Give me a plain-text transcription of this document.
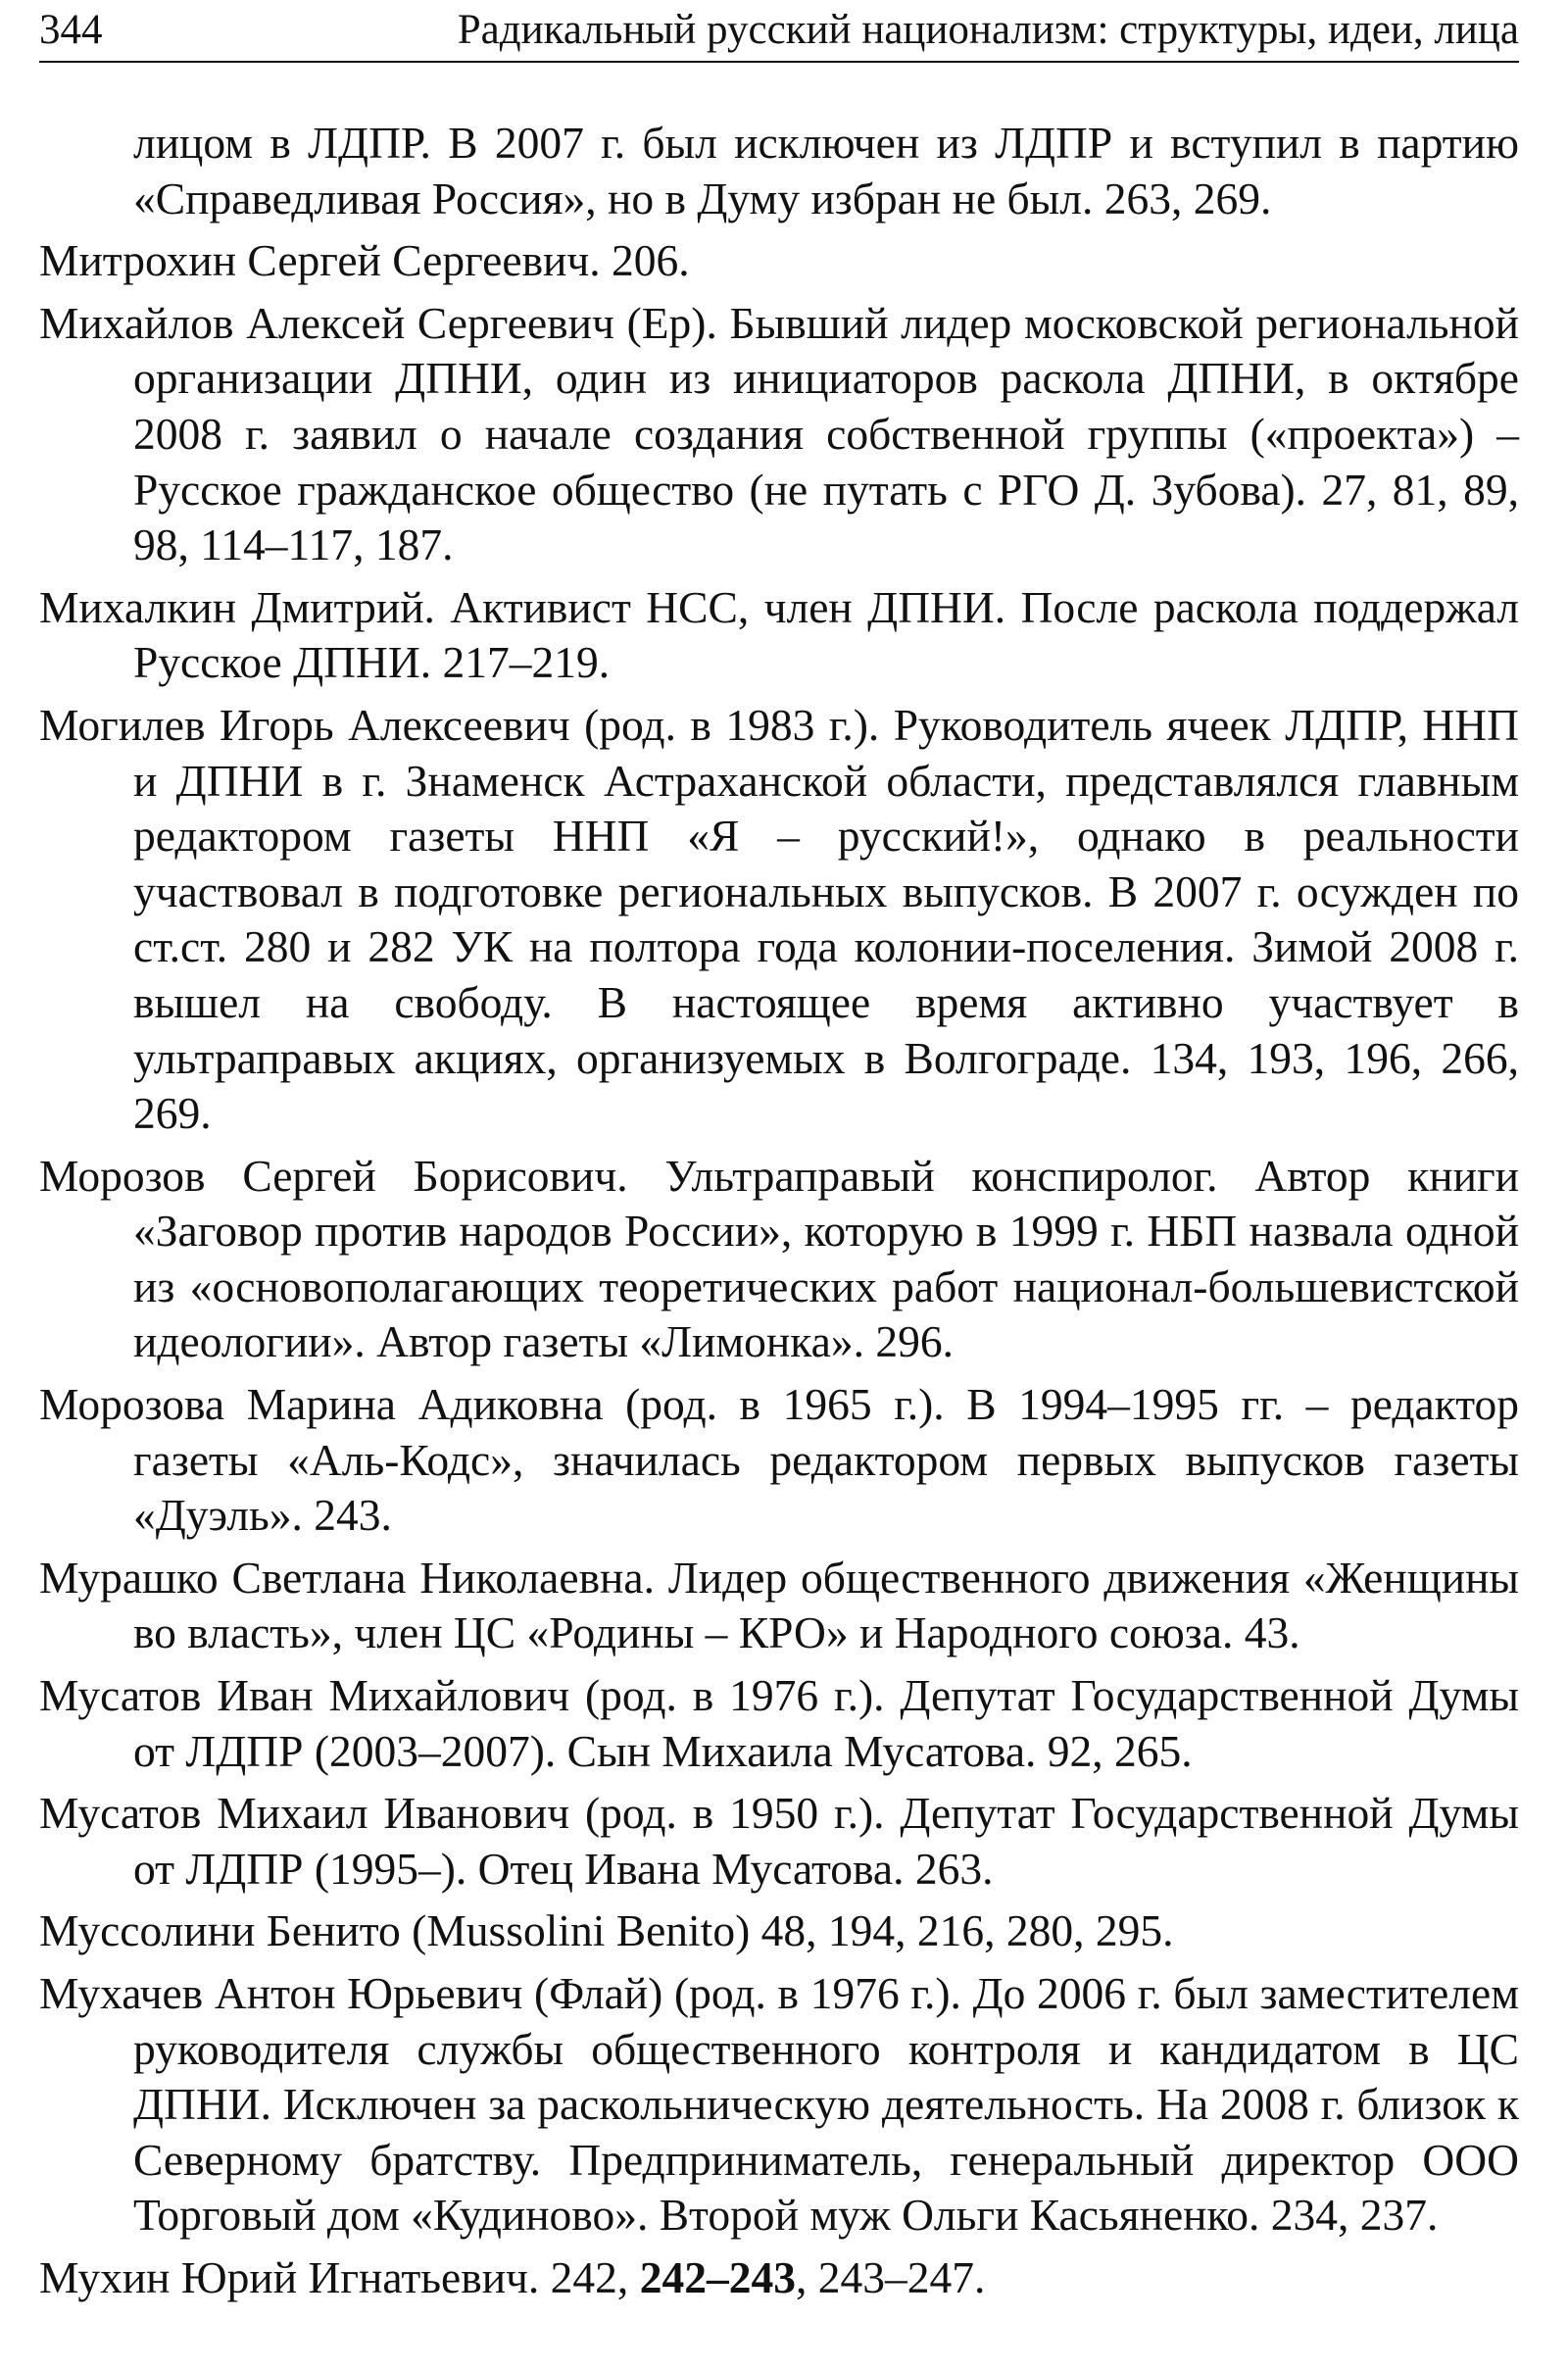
344	Радикальный русский национализм: структуры, идеи, лица

лицом в ЛДПР. В 2007 г. был исключен из ЛДПР и вступил в партию «Справедливая Россия», но в Думу избран не был. 263, 269.

Митрохин Сергей Сергеевич. 206.

Михайлов Алексей Сергеевич (Ер). Бывший лидер московской региональной организации ДПНИ, один из инициаторов раскола ДПНИ, в октябре 2008 г. заявил о начале создания собственной группы («проекта») – Русское гражданское общество (не путать с РГО Д. Зубова). 27, 81, 89, 98, 114–117, 187.

Михалкин Дмитрий. Активист НСС, член ДПНИ. После раскола поддержал Русское ДПНИ. 217–219.

Могилев Игорь Алексеевич (род. в 1983 г.). Руководитель ячеек ЛДПР, ННП и ДПНИ в г. Знаменск Астраханской области, представлялся главным редактором газеты ННП «Я – русский!», однако в реальности участвовал в подготовке региональных выпусков. В 2007 г. осужден по ст.ст. 280 и 282 УК на полтора года колонии-поселения. Зимой 2008 г. вышел на свободу. В настоящее время активно участвует в ультраправых акциях, организуемых в Волгограде. 134, 193, 196, 266, 269.

Морозов Сергей Борисович. Ультраправый конспиролог. Автор книги «Заговор против народов России», которую в 1999 г. НБП назвала одной из «основополагающих теоретических работ национал-большевистской идеологии». Автор газеты «Лимонка». 296.

Морозова Марина Адиковна (род. в 1965 г.). В 1994–1995 гг. – редактор газеты «Аль-Кодс», значилась редактором первых выпусков газеты «Дуэль». 243.

Мурашко Светлана Николаевна. Лидер общественного движения «Женщины во власть», член ЦС «Родины – КРО» и Народного союза. 43.

Мусатов Иван Михайлович (род. в 1976 г.). Депутат Государственной Думы от ЛДПР (2003–2007). Сын Михаила Мусатова. 92, 265.

Мусатов Михаил Иванович (род. в 1950 г.). Депутат Государственной Думы от ЛДПР (1995–). Отец Ивана Мусатова. 263.

Муссолини Бенито (Mussolini Benito) 48, 194, 216, 280, 295.

Мухачев Антон Юрьевич (Флай) (род. в 1976 г.). До 2006 г. был заместителем руководителя службы общественного контроля и кандидатом в ЦС ДПНИ. Исключен за раскольническую деятельность. На 2008 г. близок к Северному братству. Предприниматель, генеральный директор ООО Торговый дом «Кудиново». Второй муж Ольги Касьяненко. 234, 237.

Мухин Юрий Игнатьевич. 242, 242–243, 243–247.
